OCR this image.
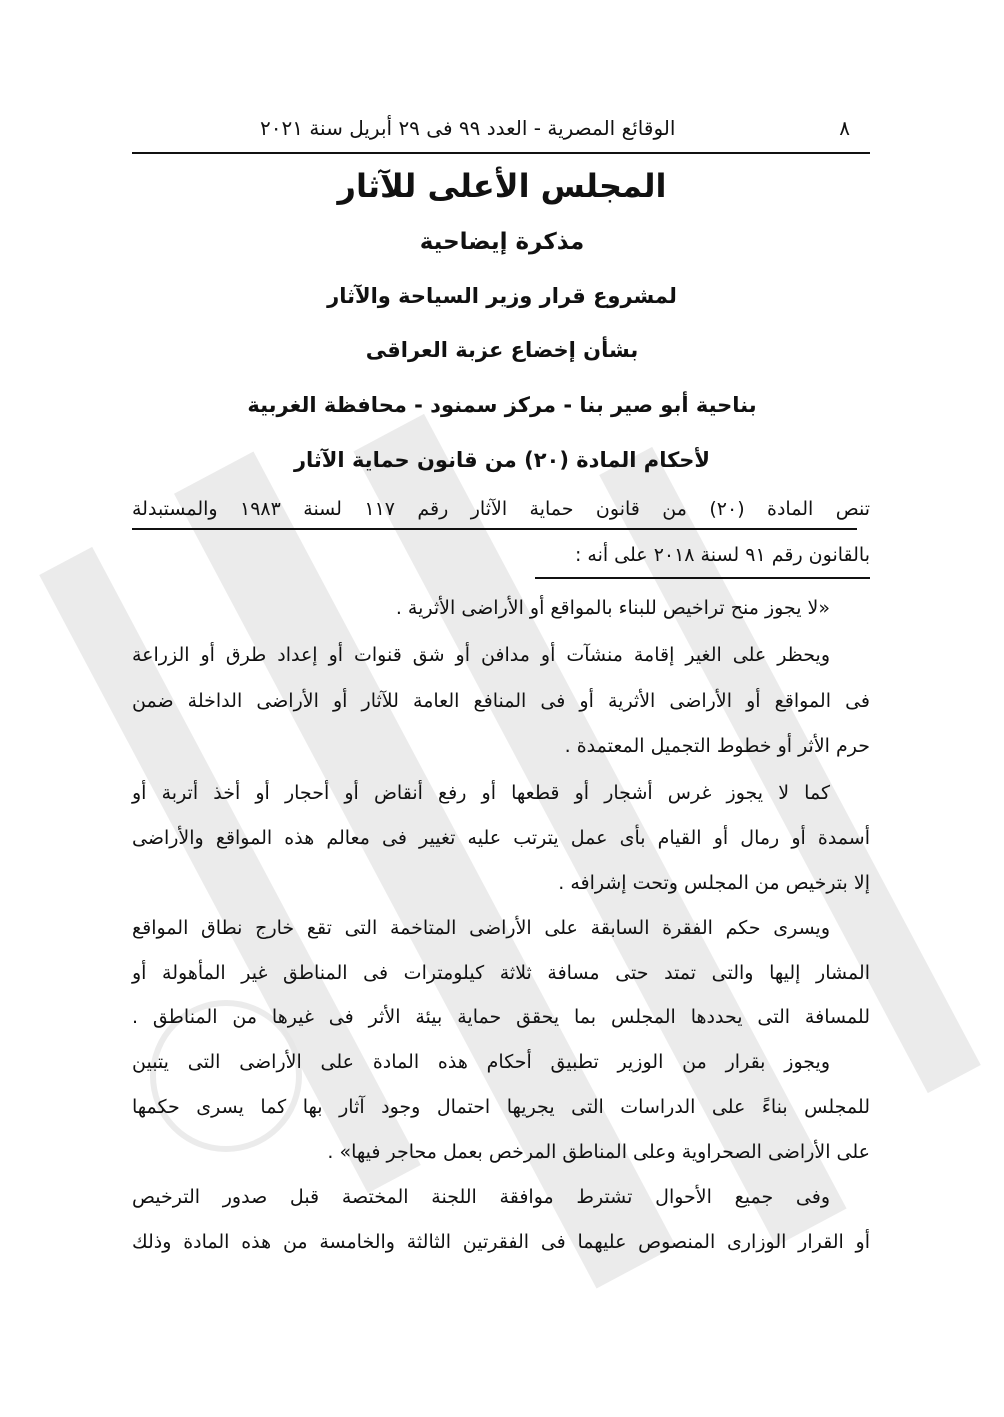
٨
الوقائع المصرية - العدد ٩٩ فى ٢٩ أبريل سنة ٢٠٢١
المجلس الأعلى للآثار
مذكرة إيضاحية
لمشروع قرار وزير السياحة والآثار
بشأن إخضاع عزبة العراقى
بناحية أبو صير بنا - مركز سمنود - محافظة الغربية
لأحكام المادة (٢٠) من قانون حماية الآثار
تنص المادة (٢٠) من قانون حماية الآثار رقم ١١٧ لسنة ١٩٨٣ والمستبدلة
بالقانون رقم ٩١ لسنة ٢٠١٨ على أنه :
«لا يجوز منح تراخيص للبناء بالمواقع أو الأراضى الأثرية .
ويحظر على الغير إقامة منشآت أو مدافن أو شق قنوات أو إعداد طرق أو الزراعة
فى المواقع أو الأراضى الأثرية أو فى المنافع العامة للآثار أو الأراضى الداخلة ضمن
حرم الأثر أو خطوط التجميل المعتمدة .
كما لا يجوز غرس أشجار أو قطعها أو رفع أنقاض أو أحجار أو أخذ أتربة أو
أسمدة أو رمال أو القيام بأى عمل يترتب عليه تغيير فى معالم هذه المواقع والأراضى
إلا بترخيص من المجلس وتحت إشرافه .
ويسرى حكم الفقرة السابقة على الأراضى المتاخمة التى تقع خارج نطاق المواقع
المشار إليها والتى تمتد حتى مسافة ثلاثة كيلومترات فى المناطق غير المأهولة أو
للمسافة التى يحددها المجلس بما يحقق حماية بيئة الأثر فى غيرها من المناطق .
ويجوز بقرار من الوزير تطبيق أحكام هذه المادة على الأراضى التى يتبين
للمجلس بناءً على الدراسات التى يجريها احتمال وجود آثار بها كما يسرى حكمها
على الأراضى الصحراوية وعلى المناطق المرخص بعمل محاجر فيها» .
وفى جميع الأحوال تشترط موافقة اللجنة المختصة قبل صدور الترخيص
أو القرار الوزارى المنصوص عليهما فى الفقرتين الثالثة والخامسة من هذه المادة وذلك
